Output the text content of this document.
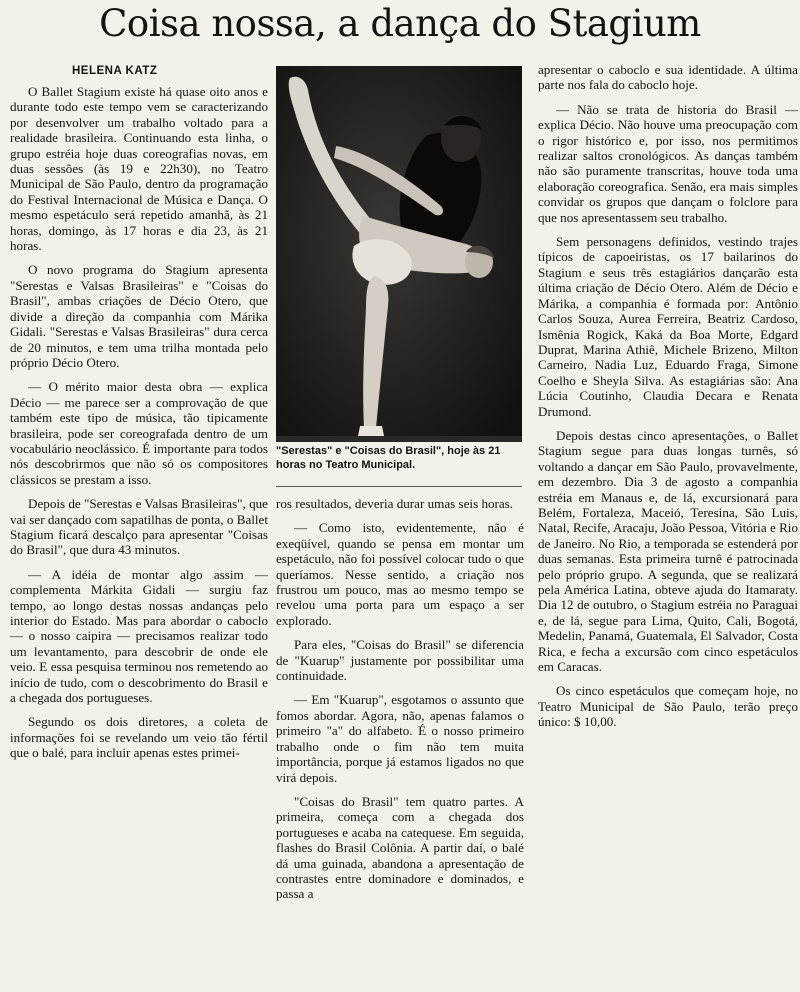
Coisa nossa, a dança do Stagium
HELENA KATZ

O Ballet Stagium existe há quase oito anos e durante todo este tempo vem se caracterizando por desenvolver um trabalho voltado para a realidade brasileira. Continuando esta linha, o grupo estréia hoje duas coreografias novas, em duas sessões (às 19 e 22h30), no Teatro Municipal de São Paulo, dentro da programação do Festival Internacional de Música e Dança. O mesmo espetáculo será repetido amanhã, às 21 horas, domingo, às 17 horas e dia 23, às 21 horas.

O novo programa do Stagium apresenta "Serestas e Valsas Brasileiras" e "Coisas do Brasil", ambas criações de Décio Otero, que divide a direção da companhia com Márika Gidali. "Serestas e Valsas Brasileiras" dura cerca de 20 minutos, e tem uma trilha montada pelo próprio Décio Otero.

— O mérito maior desta obra — explica Décio — me parece ser a comprovação de que também este tipo de música, tão tipicamente brasileira, pode ser coreografada dentro de um vocabulário neoclássico. É importante para todos nós descobrirmos que não só os compositores clássicos se prestam a isso.

Depois de "Serestas e Valsas Brasileiras", que vai ser dançado com sapatilhas de ponta, o Ballet Stagium ficará descalço para apresentar "Coisas do Brasil", que dura 43 minutos.

— A idéia de montar algo assim — complementa Márkita Gidali — surgiu faz tempo, ao longo destas nossas andanças pelo interior do Estado. Mas para abordar o caboclo — o nosso caipira — precisamos realizar todo um levantamento, para descobrir de onde ele veio. E essa pesquisa terminou nos remetendo ao início de tudo, com o descobrimento do Brasil e a chegada dos portugueses.

Segundo os dois diretores, a coleta de informações foi se revelando um veio tão fértil que o balé, para incluir apenas estes primei-

"Serestas" e "Coisas do Brasil", hoje às 21 horas no Teatro Municipal.

ros resultados, deveria durar umas seis horas.

— Como isto, evidentemente, não é exeqüível, quando se pensa em montar um espetáculo, não foi possível colocar tudo o que queríamos. Nesse sentido, a criação nos frustrou um pouco, mas ao mesmo tempo se revelou uma porta para um espaço a ser explorado.

Para eles, "Coisas do Brasil" se diferencia de "Kuarup" justamente por possibilitar uma continuidade.

— Em "Kuarup", esgotamos o assunto que fomos abordar. Agora, não, apenas falamos o primeiro "a" do alfabeto. É o nosso primeiro trabalho onde o fim não tem muita importância, porque já estamos ligados no que virá depois.

"Coisas do Brasil" tem quatro partes. A primeira, começa com a chegada dos portugueses e acaba na catequese. Em seguida, flashes do Brasil Colônia. A partir daí, o balé dá uma guinada, abandona a apresentação de contrastes entre dominadore e dominados, e passa a

apresentar o caboclo e sua identidade. A última parte nos fala do caboclo hoje.

— Não se trata de historia do Brasil — explica Décio. Não houve uma preocupação com o rigor histórico e, por isso, nos permitimos realizar saltos cronológicos. As danças também não são puramente transcritas, houve toda uma elaboração coreografica. Senão, era mais simples convidar os grupos que dançam o folclore para que nos apresentassem seu trabalho.

Sem personagens definidos, vestindo trajes típicos de capoeiristas, os 17 bailarinos do Stagium e seus três estagiários dançarão esta última criação de Décio Otero. Além de Décio e Márika, a companhia é formada por: Antônio Carlos Souza, Aurea Ferreira, Beatriz Cardoso, Ismênia Rogick, Kaká da Boa Morte, Edgard Duprat, Marina Athiê, Michele Brizeno, Milton Carneiro, Nadia Luz, Eduardo Fraga, Simone Coelho e Sheyla Silva. As estagiárias são: Ana Lúcia Coutinho, Claudia Decara e Renata Drumond.

Depois destas cinco apresentações, o Ballet Stagium segue para duas longas turnês, só voltando a dançar em São Paulo, provavelmente, em dezembro. Dia 3 de agosto a companhia estréia em Manaus e, de lá, excursionará para Belém, Fortaleza, Maceió, Teresina, São Luis, Natal, Recife, Aracaju, João Pessoa, Vitória e Rio de Janeiro. No Rio, a temporada se estenderá por duas semanas. Esta primeira turnê é patrocinada pelo próprio grupo. A segunda, que se realizará pela América Latina, obteve ajuda do Itamaraty. Dia 12 de outubro, o Stagium estréia no Paraguai e, de lá, segue para Lima, Quito, Cali, Bogotá, Medelin, Panamá, Guatemala, El Salvador, Costa Rica, e fecha a excursão com cinco espetáculos em Caracas.

Os cinco espetáculos que começam hoje, no Teatro Municipal de São Paulo, terão preço único: $ 10,00.
